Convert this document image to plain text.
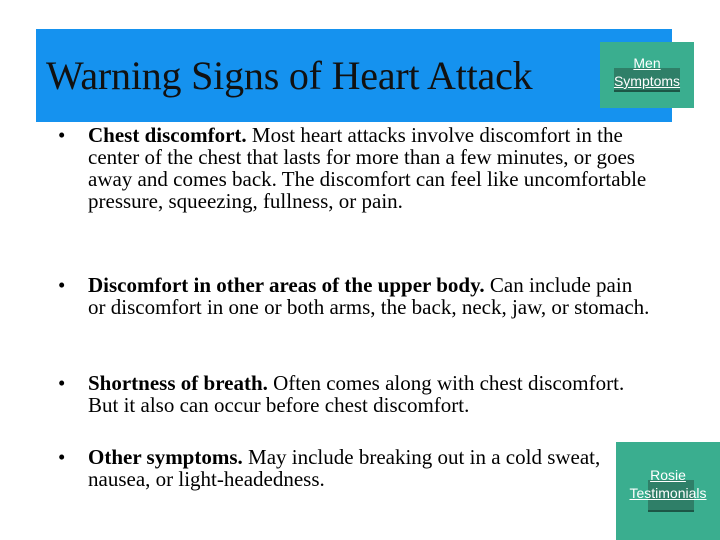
Warning Signs of Heart Attack	Men
Symptoms
• Chest discomfort. Most heart attacks involve discomfort in the center of the chest that lasts for more than a few minutes, or goes away and comes back. The discomfort can feel like uncomfortable pressure, squeezing, fullness, or pain.
• Discomfort in other areas of the upper body. Can include pain or discomfort in one or both arms, the back, neck, jaw, or stomach.
• Shortness of breath. Often comes along with chest discomfort. But it also can occur before chest discomfort.
• Other symptoms. May include breaking out in a cold sweat, nausea, or light-headedness.	Rosie
Testimonials
